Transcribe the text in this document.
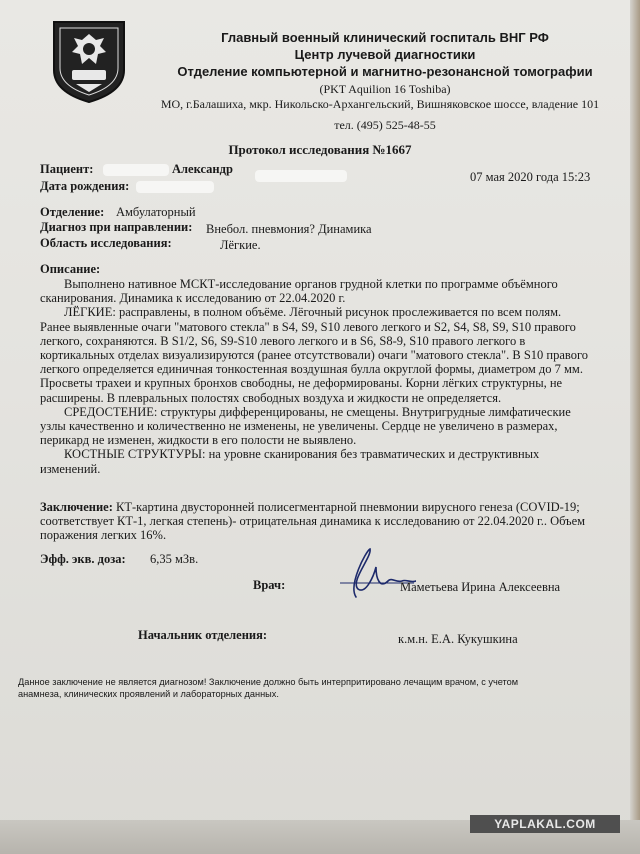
Главный военный клинический госпиталь ВНГ РФ
Центр лучевой диагностики
Отделение компьютерной и магнитно-резонансной томографии
(PKT Aquilion 16 Toshiba)
МО, г.Балашиха, мкр. Никольско-Архангельский, Вишняковское шоссе, владение 101
тел. (495) 525-48-55
Протокол исследования №1667
Пациент:	Александр
07 мая 2020 года 15:23
Дата рождения:
Отделение: Амбулаторный
Диагноз при направлении: Внебол. пневмония? Динамика
Область исследования:	Лёгкие.
Описание:
Выполнено нативное МСКТ-исследование органов грудной клетки по программе объёмного
сканирования. Динамика к исследованию от 22.04.2020 г.
ЛЁГКИЕ: расправлены, в полном объёме. Лёгочный рисунок прослеживается по всем полям.
Ранее выявленные очаги "матового стекла" в S4, S9, S10 левого легкого и S2, S4, S8, S9, S10 правого
легкого, сохраняются. В S1/2, S6, S9-S10 левого легкого и в S6, S8-9, S10 правого легкого в
кортикальных отделах визуализируются (ранее отсутствовали) очаги "матового стекла". В S10 правого
легкого определяется единичная тонкостенная воздушная булла округлой формы, диаметром до 7 мм.
Просветы трахеи и крупных бронхов свободны, не деформированы. Корни лёгких структурны, не
расширены. В плевральных полостях свободных воздуха и жидкости не определяется.
СРЕДОСТЕНИЕ: структуры дифференцированы, не смещены. Внутригрудные лимфатические
узлы качественно и количественно не изменены, не увеличены. Сердце не увеличено в размерах,
перикард не изменен, жидкости в его полости не выявлено.
КОСТНЫЕ СТРУКТУРЫ: на уровне сканирования без травматических и деструктивных
изменений.
Заключение: КТ-картина двусторонней полисегментарной пневмонии вирусного генеза (COVID-19;
соответствует КТ-1, легкая степень)- отрицательная динамика к исследованию от 22.04.2020 г.. Объем
поражения легких 16%.
Эфф. экв. доза: 6,35 мЗв.
Врач:	Маметьева Ирина Алексеевна
Начальник отделения:	к.м.н. Е.А. Кукушкина
Данное заключение не является диагнозом! Заключение должно быть интерпритировано лечащим врачом, с учетом
анамнеза, клинических проявлений и лабораторных данных.
YAPLAKAL.COM
